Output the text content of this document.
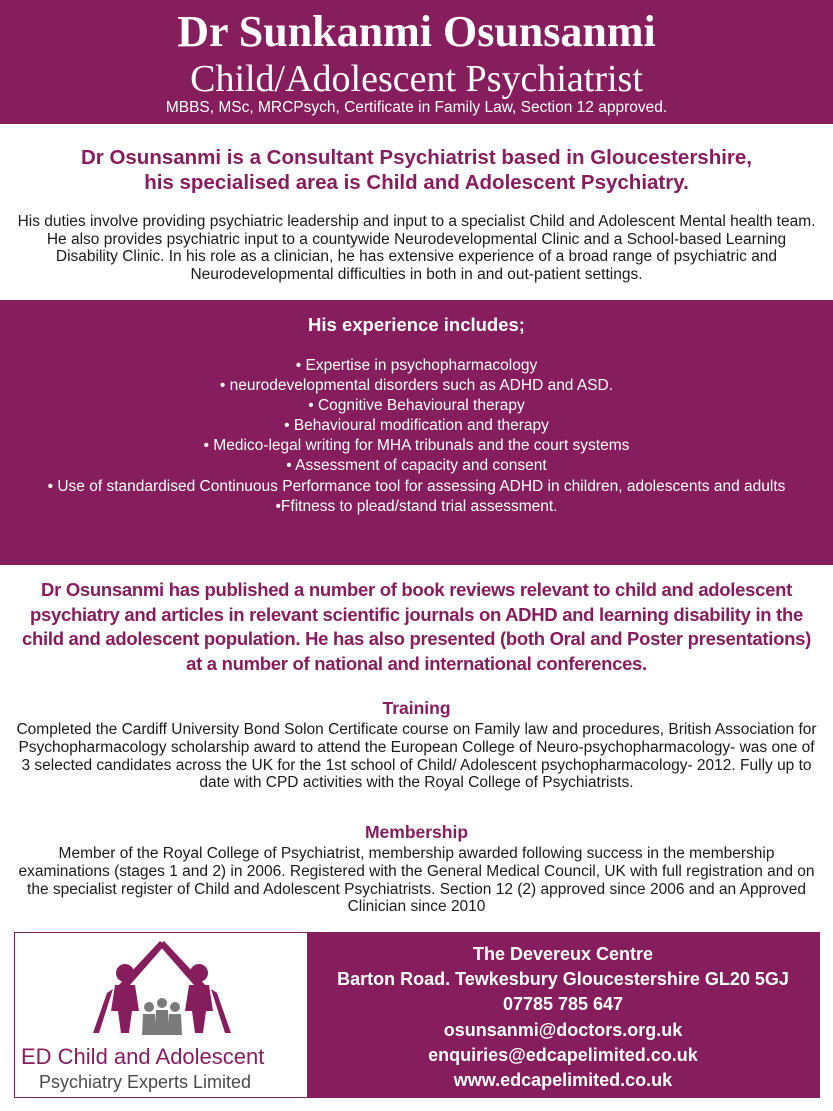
Dr Sunkanmi Osunsanmi
Child/Adolescent Psychiatrist
MBBS, MSc, MRCPsych, Certificate in Family Law, Section 12 approved.
Dr Osunsanmi is a Consultant Psychiatrist based in Gloucestershire,
his specialised area is Child and Adolescent Psychiatry.
His duties involve providing psychiatric leadership and input to a specialist Child and Adolescent Mental health team. He also provides psychiatric input to a countywide Neurodevelopmental Clinic and a School-based Learning Disability Clinic. In his role as a clinician, he has extensive experience of a broad range of psychiatric and Neurodevelopmental difficulties in both in and out-patient settings.
His experience includes;
• Expertise in psychopharmacology
• neurodevelopmental disorders such as ADHD and ASD.
• Cognitive Behavioural therapy
• Behavioural modification and therapy
• Medico-legal writing for MHA tribunals and the court systems
• Assessment of capacity and consent
• Use of standardised Continuous Performance tool for assessing ADHD in children, adolescents and adults
•Ffitness to plead/stand trial assessment.
Dr Osunsanmi has published a number of book reviews relevant to child and adolescent psychiatry and articles in relevant scientific journals on ADHD and learning disability in the child and adolescent population. He has also presented (both Oral and Poster presentations) at a number of national and international conferences.
Training
Completed the Cardiff University Bond Solon Certificate course on Family law and procedures, British Association for Psychopharmacology scholarship award to attend the European College of Neuro-psychopharmacology- was one of 3 selected candidates across the UK for the 1st school of Child/ Adolescent psychopharmacology- 2012. Fully up to date with CPD activities with the Royal College of Psychiatrists.
Membership
Member of the Royal College of Psychiatrist, membership awarded following success in the membership examinations (stages 1 and 2) in 2006. Registered with the General Medical Council, UK with full registration and on the specialist register of Child and Adolescent Psychiatrists. Section 12 (2) approved since 2006 and an Approved Clinician since 2010
ED Child and Adolescent
Psychiatry Experts Limited
The Devereux Centre
Barton Road. Tewkesbury Gloucestershire GL20 5GJ
07785 785 647
osunsanmi@doctors.org.uk
enquiries@edcapelimited.co.uk
www.edcapelimited.co.uk
